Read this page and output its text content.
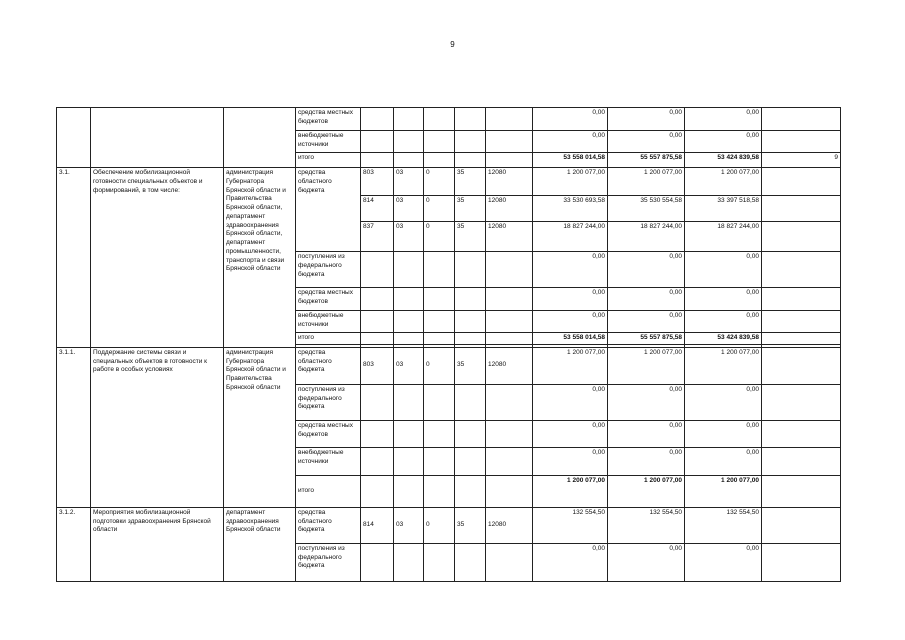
9
			средства местных бюджетов						0,00	0,00	0,00	
			внебюджетные источники						0,00	0,00	0,00	
			итого						53 558 014,58	55 557 875,58	53 424 839,58	9
3.1.	Обеспечение мобилизационной готовности специальных объектов и формирований, в том числе:	администрация Губернатора Брянской области и Правительства Брянской области, департамент здравоохранения Брянской области, департамент промышленности, транспорта и связи Брянской области	средства областного бюджета	803	03	0	35	12080	1 200 077,00	1 200 077,00	1 200 077,00	
				814	03	0	35	12080	33 530 693,58	35 530 554,58	33 397 518,58	
				837	03	0	35	12080	18 827 244,00	18 827 244,00	18 827 244,00	
			поступления из федерального бюджета						0,00	0,00	0,00	
			средства местных бюджетов						0,00	0,00	0,00	
			внебюджетные источники						0,00	0,00	0,00	
			итого						53 558 014,58	55 557 875,58	53 424 839,58	

3.1.1.	Поддержание системы связи и специальных объектов в готовности к работе в особых условиях	администрация Губернатора Брянской области и Правительства Брянской области	средства областного бюджета	803	03	0	35	12080	1 200 077,00	1 200 077,00	1 200 077,00	
			поступления из федерального бюджета						0,00	0,00	0,00	
			средства местных бюджетов						0,00	0,00	0,00	
			внебюджетные источники						0,00	0,00	0,00	
			итого						1 200 077,00	1 200 077,00	1 200 077,00	
3.1.2.	Мероприятия мобилизационной подготовки здравоохранения Брянской области	департамент здравоохранения Брянской области	средства областного бюджета	814	03	0	35	12080	132 554,50	132 554,50	132 554,50	
			поступления из федерального бюджета						0,00	0,00	0,00	
